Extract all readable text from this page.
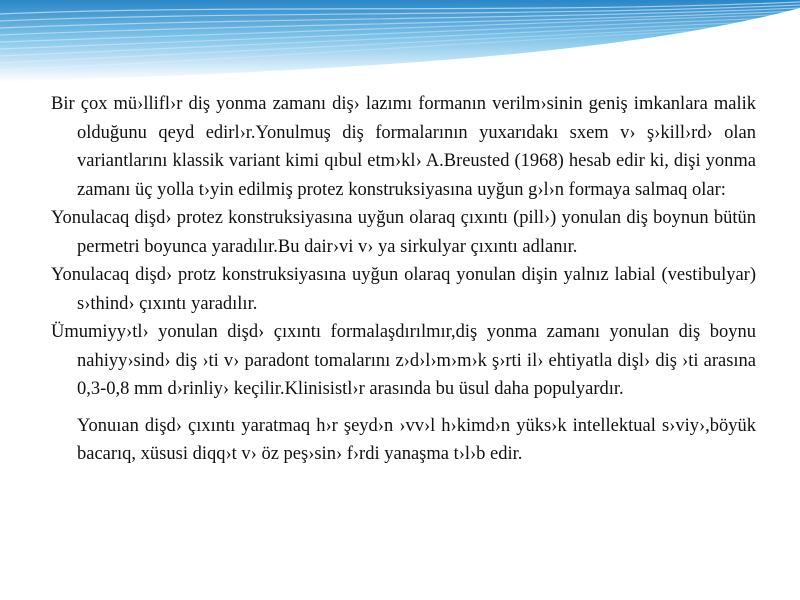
Bir çox mü›llifl›r diş yonma zamanı diş› lazımı formanın verilm›sinin geniş imkanlara malik olduğunu qeyd edirl›r.Yonulmuş diş formalarının yuxarıdakı sxem v› ş›kill›rd› olan variantlarını klassik variant kimi qıbul etm›kl› A.Breusted (1968) hesab edir ki, dişi yonma zamanı üç yolla t›yin edilmiş protez konstruksiyasına uyğun g›l›n formaya salmaq olar:

Yonulacaq dişd› protez konstruksiyasına uyğun olaraq çıxıntı (pill›) yonulan diş boynun bütün permetri boyunca yaradılır.Bu dair›vi v› ya sirkulyar çıxıntı adlanır.

Yonulacaq dişd› protz konstruksiyasına uyğun olaraq yonulan dişin yalnız labial (vestibulyar) s›thind› çıxıntı yaradılır.

Ümumiyy›tl› yonulan dişd› çıxıntı formalaşdırılmır,diş yonma zamanı yonulan diş boynu nahiyy›sind› diş ›ti v› paradont tomalarını z›d›l›m›m›k ş›rti il› ehtiyatla dişl› diş ›ti arasına 0,3-0,8 mm d›rinliy› keçilir.Klinisistl›r arasında bu üsul daha populyardır.

Yonuıan dişd› çıxıntı yaratmaq h›r şeyd›n ›vv›l h›kimd›n yüks›k intellektual s›viy›,böyük bacarıq, xüsusi diqq›t v› öz peş›sin› f›rdi yanaşma t›l›b edir.
